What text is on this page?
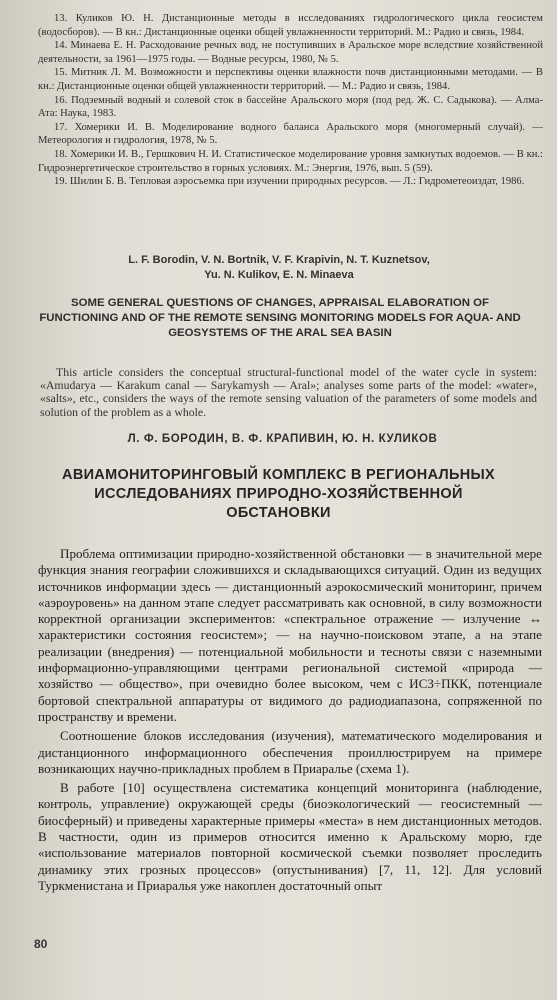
13. Куликов Ю. Н. Дистанционные методы в исследованиях гидрологического цикла геосистем (водосборов). — В кн.: Дистанционные оценки общей увлажненности территорий. М.: Радио и связь, 1984.

14. Минаева Е. Н. Расходование речных вод, не поступивших в Аральское море вследствие хозяйственной деятельности, за 1961—1975 годы. — Водные ресурсы, 1980, № 5.

15. Митник Л. М. Возможности и перспективы оценки влажности почв дистанционными методами. — В кн.: Дистанционные оценки общей увлажненности территорий. — М.: Радио и связь, 1984.

16. Подземный водный и солевой сток в бассейне Аральского моря (под ред. Ж. С. Садыкова). — Алма-Ата: Наука, 1983.

17. Хомерики И. В. Моделирование водного баланса Аральского моря (многомерный случай). — Метеорология и гидрология, 1978, № 5.

18. Хомерики И. В., Гершкович Н. И. Статистическое моделирование уровня замкнутых водоемов. — В кн.: Гидроэнергетическое строительство в горных условиях. М.: Энергия, 1976, вып. 5 (59).

19. Шилин Б. В. Тепловая аэросъемка при изучении природных ресурсов. — Л.: Гидрометеоиздат, 1986.

L. F. Borodin, V. N. Bortnik, V. F. Krapivin, N. T. Kuznetsov,
Yu. N. Kulikov, E. N. Minaeva
SOME GENERAL QUESTIONS OF CHANGES, APPRAISAL ELABORATION OF FUNCTIONING AND OF THE REMOTE SENSING MONITORING MODELS FOR AQUA- AND GEOSYSTEMS OF THE ARAL SEA BASIN

This article considers the conceptual structural-functional model of the water cycle in system: «Amudarya — Karakum canal — Sarykamysh — Aral»; analyses some parts of the model: «water», «salts», etc., considers the ways of the remote sensing valuation of the parameters of some models and solution of the problem as a whole.

Л. Ф. БОРОДИН, В. Ф. КРАПИВИН, Ю. Н. КУЛИКОВ
АВИАМОНИТОРИНГОВЫЙ КОМПЛЕКС В РЕГИОНАЛЬНЫХ ИССЛЕДОВАНИЯХ ПРИРОДНО-ХОЗЯЙСТВЕННОЙ ОБСТАНОВКИ

Проблема оптимизации природно-хозяйственной обстановки — в значительной мере функция знания географии сложившихся и складывающихся ситуаций. Один из ведущих источников информации здесь — дистанционный аэрокосмический мониторинг, причем «аэроуровень» на данном этапе следует рассматривать как основной, в силу возможности корректной организации экспериментов: «спектральное отражение — излучение ↔ характеристики состояния геосистем»; — на научно-поисковом этапе, а на этапе реализации (внедрения) — потенциальной мобильности и тесноты связи с наземными информационно-управляющими центрами региональной системой «природа — хозяйство — общество», при очевидно более высоком, чем с ИСЗ÷ПКК, потенциале бортовой спектральной аппаратуры от видимого до радиодиапазона, сопряженной по пространству и времени.

Соотношение блоков исследования (изучения), математического моделирования и дистанционного информационного обеспечения проиллюстрируем на примере возникающих научно-прикладных проблем в Приаралье (схема 1).

В работе [10] осуществлена систематика концепций мониторинга (наблюдение, контроль, управление) окружающей среды (биоэкологический — геосистемный — биосферный) и приведены характерные примеры «места» в нем дистанционных методов. В частности, один из примеров относится именно к Аральскому морю, где «использование материалов повторной космической съемки позволяет проследить динамику этих грозных процессов» (опустынивания) [7, 11, 12]. Для условий Туркменистана и Приаралья уже накоплен достаточный опыт

80
